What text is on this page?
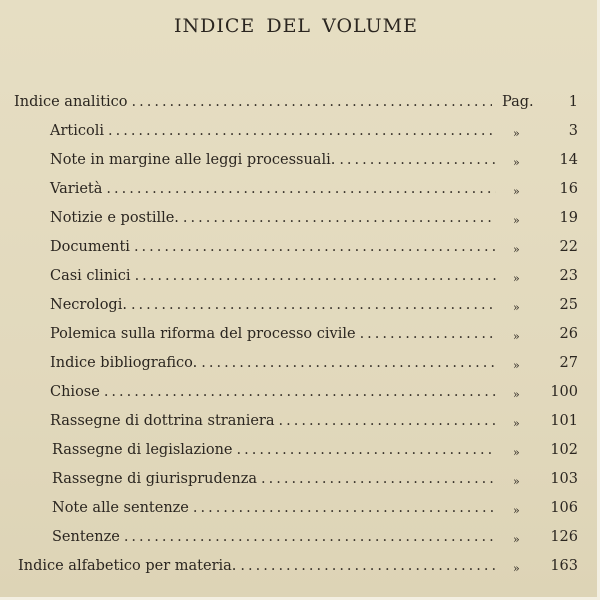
INDICE DEL VOLUME
Indice analitico .....	Pag.	1
Articoli .....	»	3
Note in margine alle leggi processuali. .....	»	14
Varietà .....	»	16
Notizie e postille. .....	»	19
Documenti .....	»	22
Casi clinici .....	»	23
Necrologi. .....	»	25
Polemica sulla riforma del processo civile .....	»	26
Indice bibliografico. .....	»	27
Chiose .....	»	100
Rassegne di dottrina straniera .....	»	101
Rassegne di legislazione .....	»	102
Rassegne di giurisprudenza .....	»	103
Note alle sentenze .....	»	106
Sentenze .....	»	126
Indice alfabetico per materia. .....	»	163
